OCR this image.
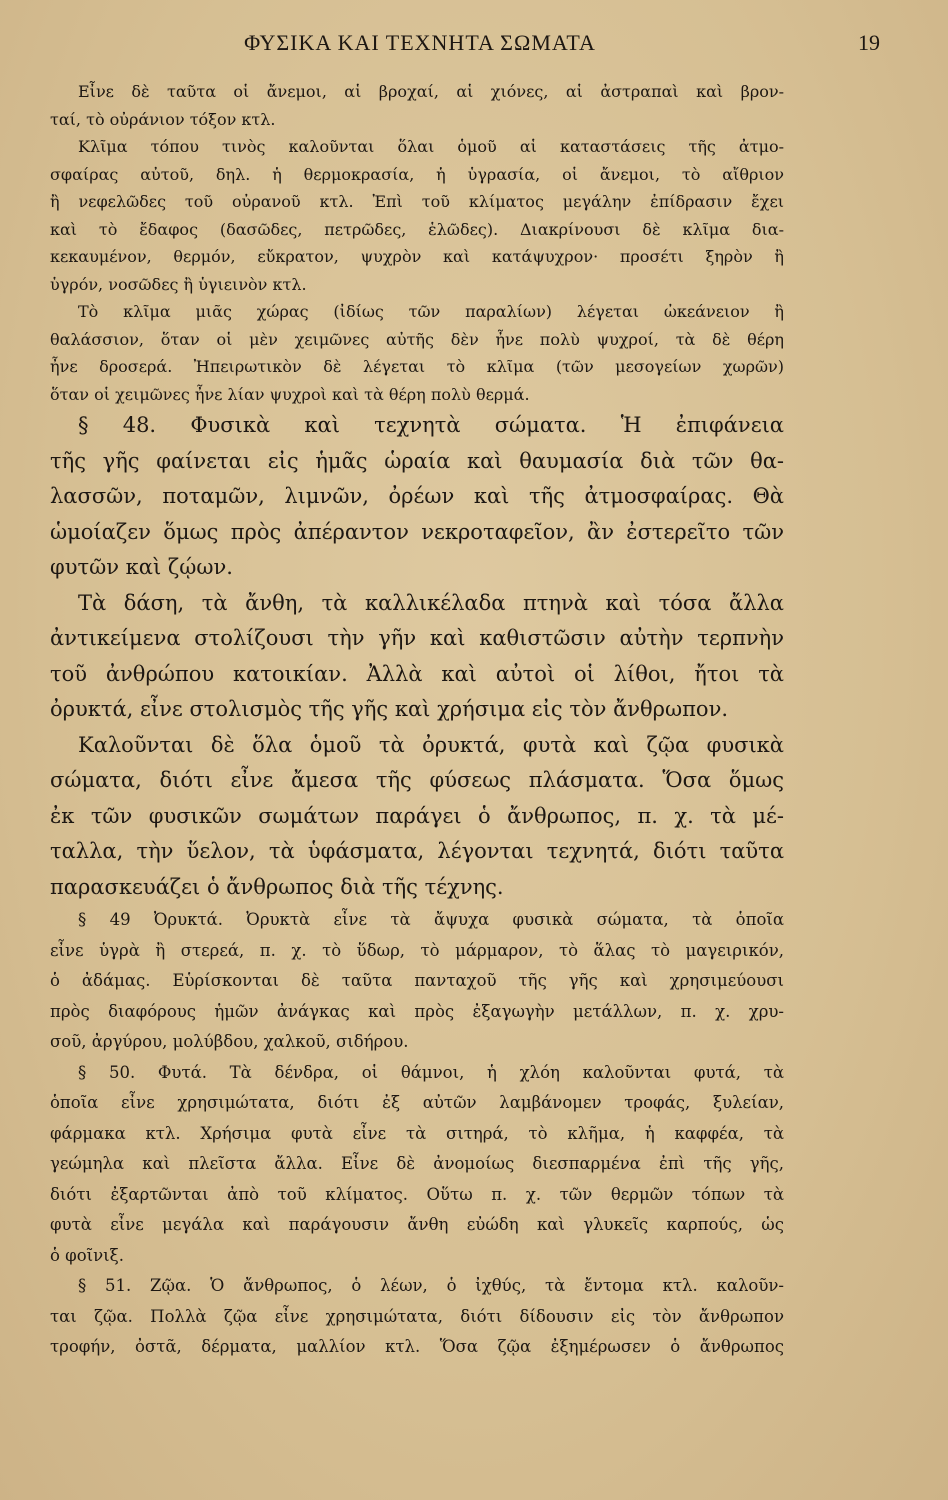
ΦΥΣΙΚΑ ΚΑΙ ΤΕΧΝΗΤΑ ΣΩΜΑΤΑ	19
Εἶνε δὲ ταῦτα οἱ ἄνεμοι, αἱ βροχαί, αἱ χιόνες, αἱ ἀστραπαὶ καὶ βρον-
ταί, τὸ οὐράνιον τόξον κτλ.
Κλῖμα τόπου τινὸς καλοῦνται ὅλαι ὁμοῦ αἱ καταστάσεις τῆς ἀτμο-
σφαίρας αὐτοῦ, δηλ. ἡ θερμοκρασία, ἡ ὑγρασία, οἱ ἄνεμοι, τὸ αἴθριον
ἢ νεφελῶδες τοῦ οὐρανοῦ κτλ. Ἐπὶ τοῦ κλίματος μεγάλην ἐπίδρασιν ἔχει
καὶ τὸ ἔδαφος (δασῶδες, πετρῶδες, ἑλῶδες). Διακρίνουσι δὲ κλῖμα δια-
κεκαυμένον, θερμόν, εὔκρατον, ψυχρὸν καὶ κατάψυχρον· προσέτι ξηρὸν ἢ
ὑγρόν, νοσῶδες ἢ ὑγιεινὸν κτλ.
Τὸ κλῖμα μιᾶς χώρας (ἰδίως τῶν παραλίων) λέγεται ὠκεάνειον ἢ
θαλάσσιον, ὅταν οἱ μὲν χειμῶνες αὐτῆς δὲν ἦνε πολὺ ψυχροί, τὰ δὲ θέρη
ἦνε δροσερά. Ἠπειρωτικὸν δὲ λέγεται τὸ κλῖμα (τῶν μεσογείων χωρῶν)
ὅταν οἱ χειμῶνες ἦνε λίαν ψυχροὶ καὶ τὰ θέρη πολὺ θερμά.
§ 48. Φυσικὰ καὶ τεχνητὰ σώματα. Ἡ ἐπιφάνεια
τῆς γῆς φαίνεται εἰς ἡμᾶς ὡραία καὶ θαυμασία διὰ τῶν θα-
λασσῶν, ποταμῶν, λιμνῶν, ὀρέων καὶ τῆς ἀτμοσφαίρας. Θὰ
ὡμοίαζεν ὅμως πρὸς ἀπέραντον νεκροταφεῖον, ἂν ἐστερεῖτο τῶν
φυτῶν καὶ ζῴων.
Τὰ δάση, τὰ ἄνθη, τὰ καλλικέλαδα πτηνὰ καὶ τόσα ἄλλα
ἀντικείμενα στολίζουσι τὴν γῆν καὶ καθιστῶσιν αὐτὴν τερπνὴν
τοῦ ἀνθρώπου κατοικίαν. Ἀλλὰ καὶ αὐτοὶ οἱ λίθοι, ἤτοι τὰ
ὀρυκτά, εἶνε στολισμὸς τῆς γῆς καὶ χρήσιμα εἰς τὸν ἄνθρωπον.
Καλοῦνται δὲ ὅλα ὁμοῦ τὰ ὀρυκτά, φυτὰ καὶ ζῷα φυσικὰ
σώματα, διότι εἶνε ἄμεσα τῆς φύσεως πλάσματα. Ὅσα ὅμως
ἐκ τῶν φυσικῶν σωμάτων παράγει ὁ ἄνθρωπος, π. χ. τὰ μέ-
ταλλα, τὴν ὕελον, τὰ ὑφάσματα, λέγονται τεχνητά, διότι ταῦτα
παρασκευάζει ὁ ἄνθρωπος διὰ τῆς τέχνης.
§ 49 Ὀρυκτά. Ὀρυκτὰ εἶνε τὰ ἄψυχα φυσικὰ σώματα, τὰ ὁποῖα
εἶνε ὑγρὰ ἢ στερεά, π. χ. τὸ ὕδωρ, τὸ μάρμαρον, τὸ ἅλας τὸ μαγειρικόν,
ὁ ἀδάμας. Εὑρίσκονται δὲ ταῦτα πανταχοῦ τῆς γῆς καὶ χρησιμεύουσι
πρὸς διαφόρους ἡμῶν ἀνάγκας καὶ πρὸς ἐξαγωγὴν μετάλλων, π. χ. χρυ-
σοῦ, ἀργύρου, μολύβδου, χαλκοῦ, σιδήρου.
§ 50. Φυτά. Τὰ δένδρα, οἱ θάμνοι, ἡ χλόη καλοῦνται φυτά, τὰ
ὁποῖα εἶνε χρησιμώτατα, διότι ἐξ αὐτῶν λαμβάνομεν τροφάς, ξυλείαν,
φάρμακα κτλ. Χρήσιμα φυτὰ εἶνε τὰ σιτηρά, τὸ κλῆμα, ἡ καφφέα, τὰ
γεώμηλα καὶ πλεῖστα ἄλλα. Εἶνε δὲ ἀνομοίως διεσπαρμένα ἐπὶ τῆς γῆς,
διότι ἐξαρτῶνται ἀπὸ τοῦ κλίματος. Οὕτω π. χ. τῶν θερμῶν τόπων τὰ
φυτὰ εἶνε μεγάλα καὶ παράγουσιν ἄνθη εὐώδη καὶ γλυκεῖς καρπούς, ὡς
ὁ φοῖνιξ.
§ 51. Ζῷα. Ὁ ἄνθρωπος, ὁ λέων, ὁ ἰχθύς, τὰ ἔντομα κτλ. καλοῦν-
ται ζῷα. Πολλὰ ζῷα εἶνε χρησιμώτατα, διότι δίδουσιν εἰς τὸν ἄνθρωπον
τροφήν, ὀστᾶ, δέρματα, μαλλίον κτλ. Ὅσα ζῷα ἐξημέρωσεν ὁ ἄνθρωπος
